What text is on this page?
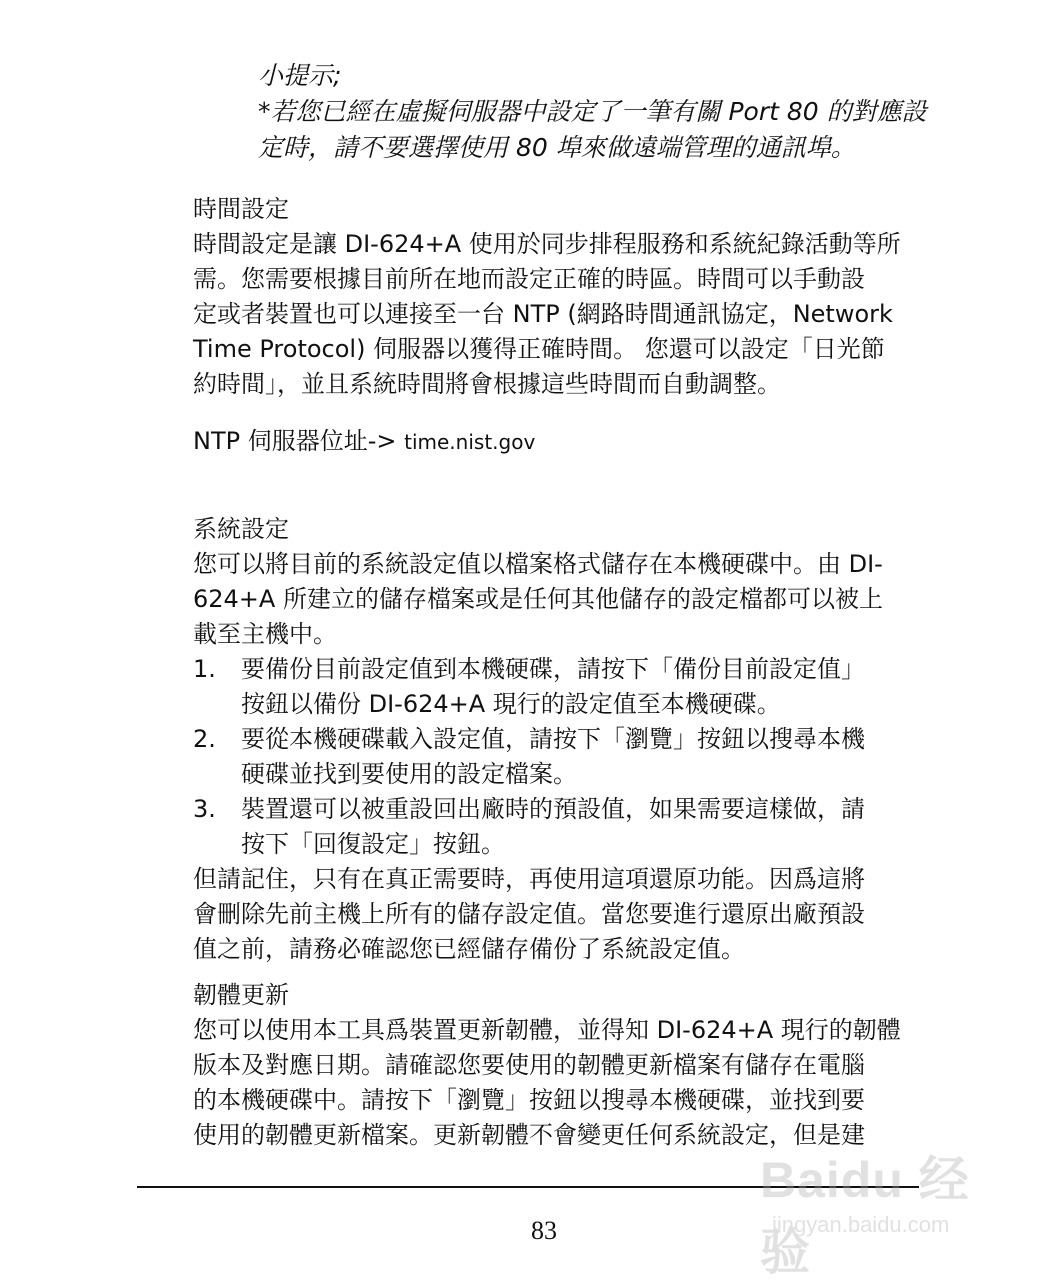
小提示;

*若您已經在虛擬伺服器中設定了一筆有關 Port 80 的對應設

定時，請不要選擇使用 80 埠來做遠端管理的通訊埠。

時間設定

時間設定是讓 DI-624+A 使用於同步排程服務和系統紀錄活動等所

需。您需要根據目前所在地而設定正確的時區。時間可以手動設

定或者裝置也可以連接至一台 NTP (網路時間通訊協定，Network

Time Protocol) 伺服器以獲得正確時間。 您還可以設定「日光節

約時間」，並且系統時間將會根據這些時間而自動調整。

NTP 伺服器位址-> time.nist.gov
系統設定

您可以將目前的系統設定值以檔案格式儲存在本機硬碟中。由 DI-

624+A 所建立的儲存檔案或是任何其他儲存的設定檔都可以被上

載至主機中。

1. 要備份目前設定值到本機硬碟，請按下「備份目前設定值」
按鈕以備份 DI-624+A 現行的設定值至本機硬碟。
2. 要從本機硬碟載入設定值，請按下「瀏覽」按鈕以搜尋本機
硬碟並找到要使用的設定檔案。
3. 裝置還可以被重設回出廠時的預設值，如果需要這樣做，請
按下「回復設定」按鈕。

但請記住，只有在真正需要時，再使用這項還原功能。因爲這將

會刪除先前主機上所有的儲存設定值。當您要進行還原出廠預設

值之前，請務必確認您已經儲存備份了系統設定值。

韌體更新

您可以使用本工具爲裝置更新韌體，並得知 DI-624+A 現行的韌體

版本及對應日期。請確認您要使用的韌體更新檔案有儲存在電腦

的本機硬碟中。請按下「瀏覽」按鈕以搜尋本機硬碟，並找到要

使用的韌體更新檔案。更新韌體不會變更任何系統設定，但是建

83
Baidu 经验
jingyan.baidu.com
